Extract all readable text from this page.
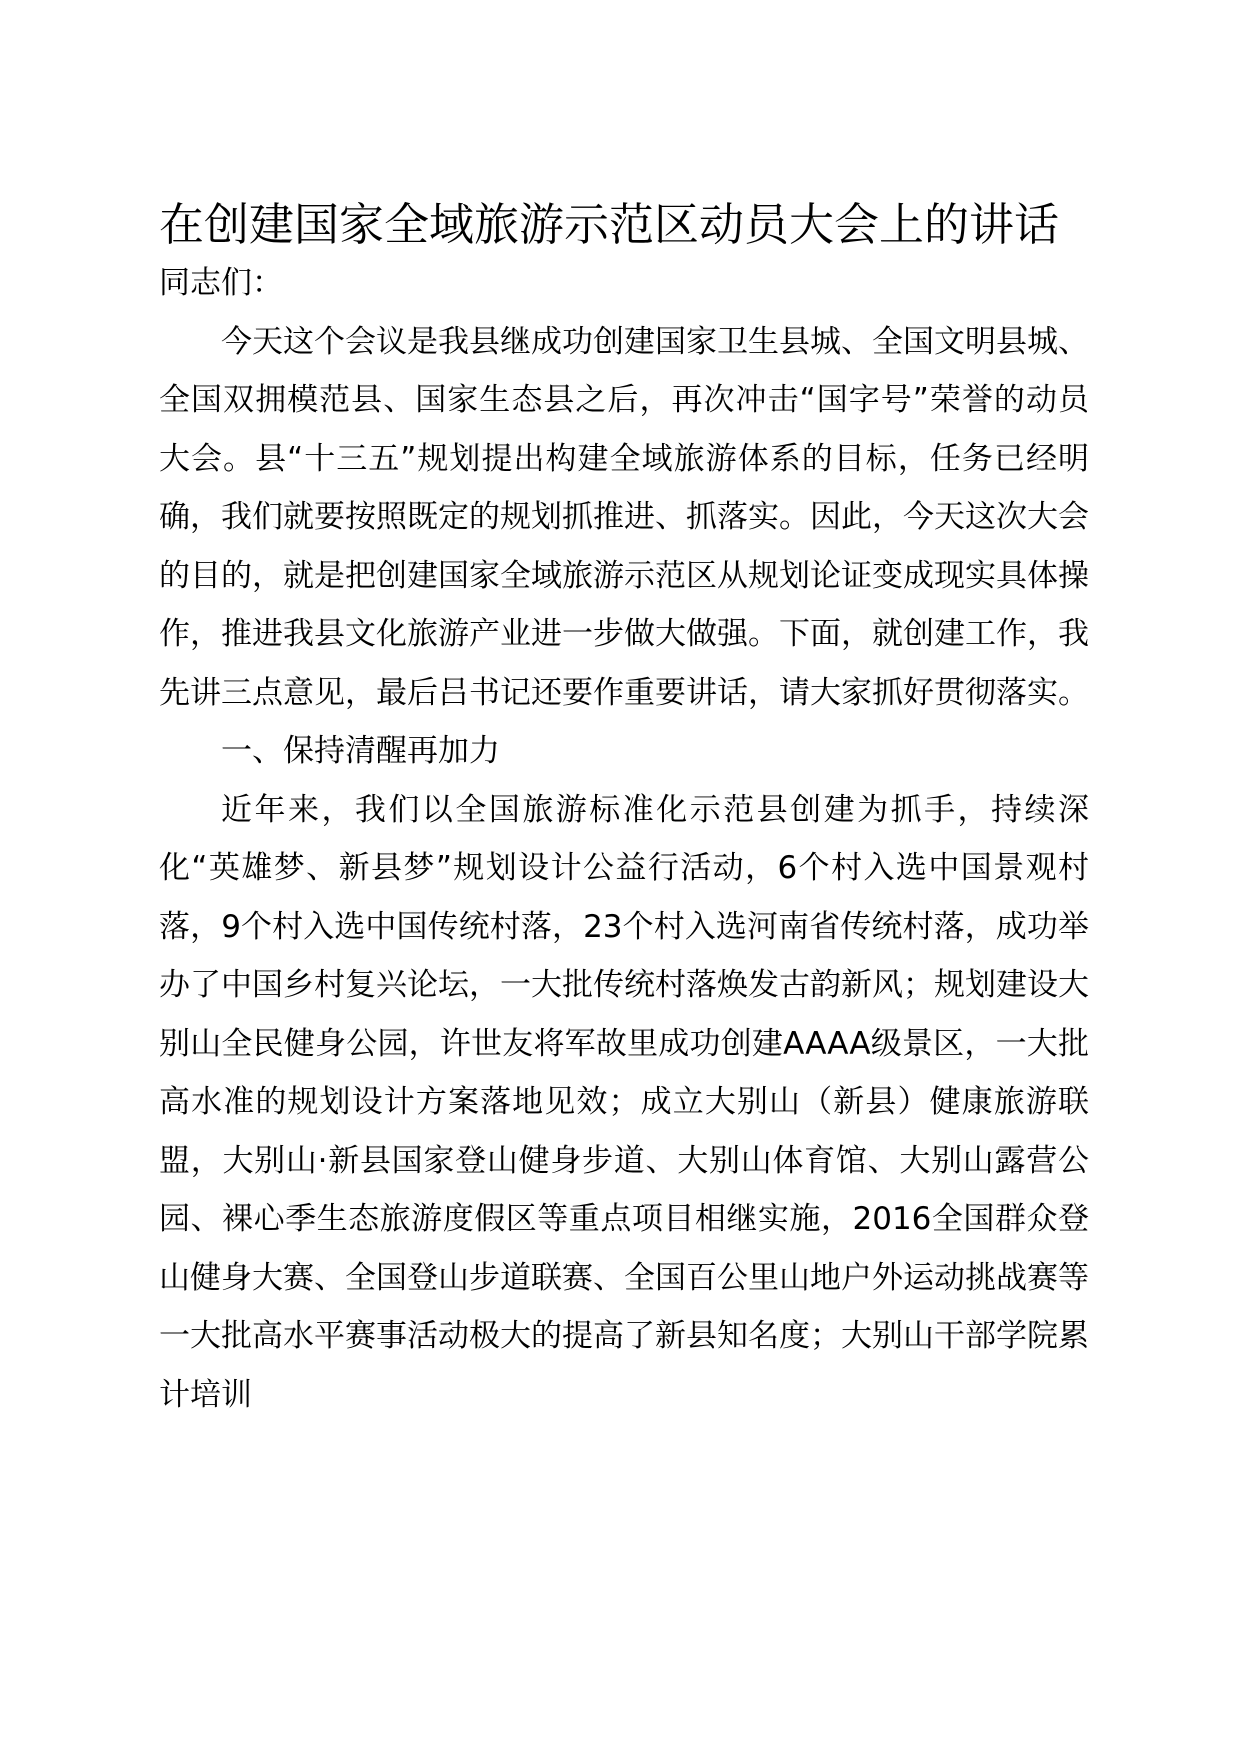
在创建国家全域旅游示范区动员大会上的讲话

同志们：

今天这个会议是我县继成功创建国家卫生县城、全国文明县城、全国双拥模范县、国家生态县之后，再次冲击“国字号”荣誉的动员大会。县“十三五”规划提出构建全域旅游体系的目标，任务已经明确，我们就要按照既定的规划抓推进、抓落实。因此，今天这次大会的目的，就是把创建国家全域旅游示范区从规划论证变成现实具体操作，推进我县文化旅游产业进一步做大做强。下面，就创建工作，我先讲三点意见，最后吕书记还要作重要讲话，请大家抓好贯彻落实。

一、保持清醒再加力

近年来，我们以全国旅游标准化示范县创建为抓手，持续深化“英雄梦、新县梦”规划设计公益行活动，6个村入选中国景观村落，9个村入选中国传统村落，23个村入选河南省传统村落，成功举办了中国乡村复兴论坛，一大批传统村落焕发古韵新风；规划建设大别山全民健身公园，许世友将军故里成功创建AAAA级景区，一大批高水准的规划设计方案落地见效；成立大别山（新县）健康旅游联盟，大别山·新县国家登山健身步道、大别山体育馆、大别山露营公园、裸心季生态旅游度假区等重点项目相继实施，2016全国群众登山健身大赛、全国登山步道联赛、全国百公里山地户外运动挑战赛等一大批高水平赛事活动极大的提高了新县知名度；大别山干部学院累计培训
